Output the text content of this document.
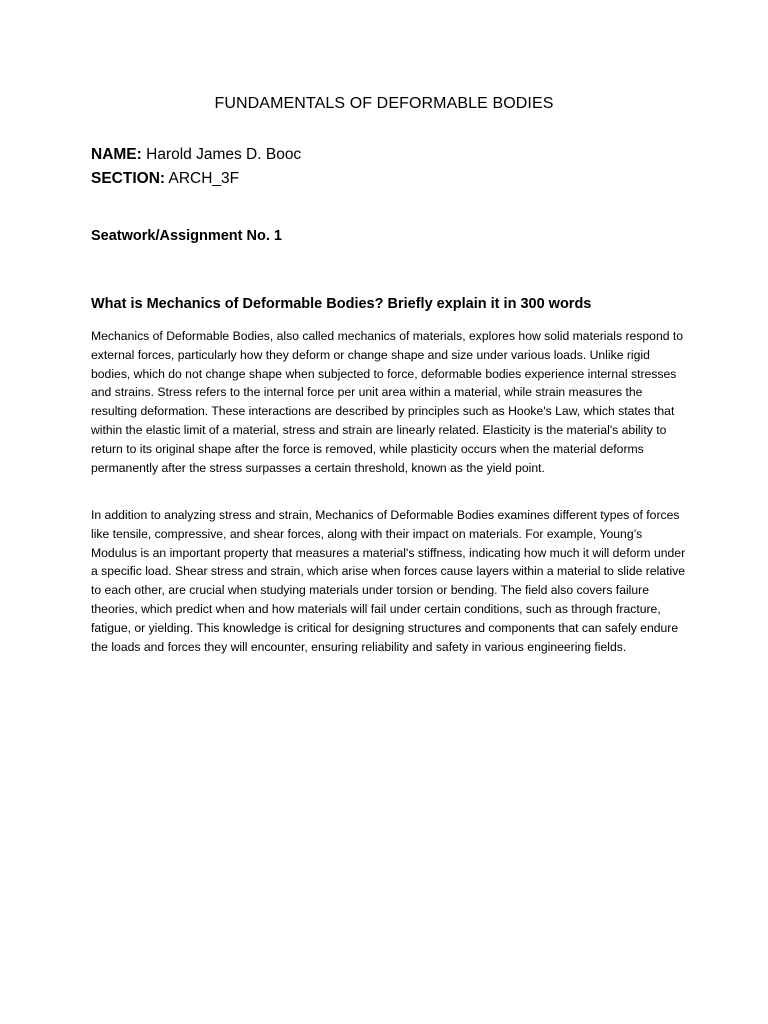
FUNDAMENTALS OF DEFORMABLE BODIES

NAME: Harold James D. Booc

SECTION: ARCH_3F

Seatwork/Assignment No. 1

What is Mechanics of Deformable Bodies? Briefly explain it in 300 words

Mechanics of Deformable Bodies, also called mechanics of materials, explores how solid materials respond to external forces, particularly how they deform or change shape and size under various loads. Unlike rigid bodies, which do not change shape when subjected to force, deformable bodies experience internal stresses and strains. Stress refers to the internal force per unit area within a material, while strain measures the resulting deformation. These interactions are described by principles such as Hooke's Law, which states that within the elastic limit of a material, stress and strain are linearly related. Elasticity is the material's ability to return to its original shape after the force is removed, while plasticity occurs when the material deforms permanently after the stress surpasses a certain threshold, known as the yield point.

In addition to analyzing stress and strain, Mechanics of Deformable Bodies examines different types of forces like tensile, compressive, and shear forces, along with their impact on materials. For example, Young’s Modulus is an important property that measures a material's stiffness, indicating how much it will deform under a specific load. Shear stress and strain, which arise when forces cause layers within a material to slide relative to each other, are crucial when studying materials under torsion or bending. The field also covers failure theories, which predict when and how materials will fail under certain conditions, such as through fracture, fatigue, or yielding. This knowledge is critical for designing structures and components that can safely endure the loads and forces they will encounter, ensuring reliability and safety in various engineering fields.
